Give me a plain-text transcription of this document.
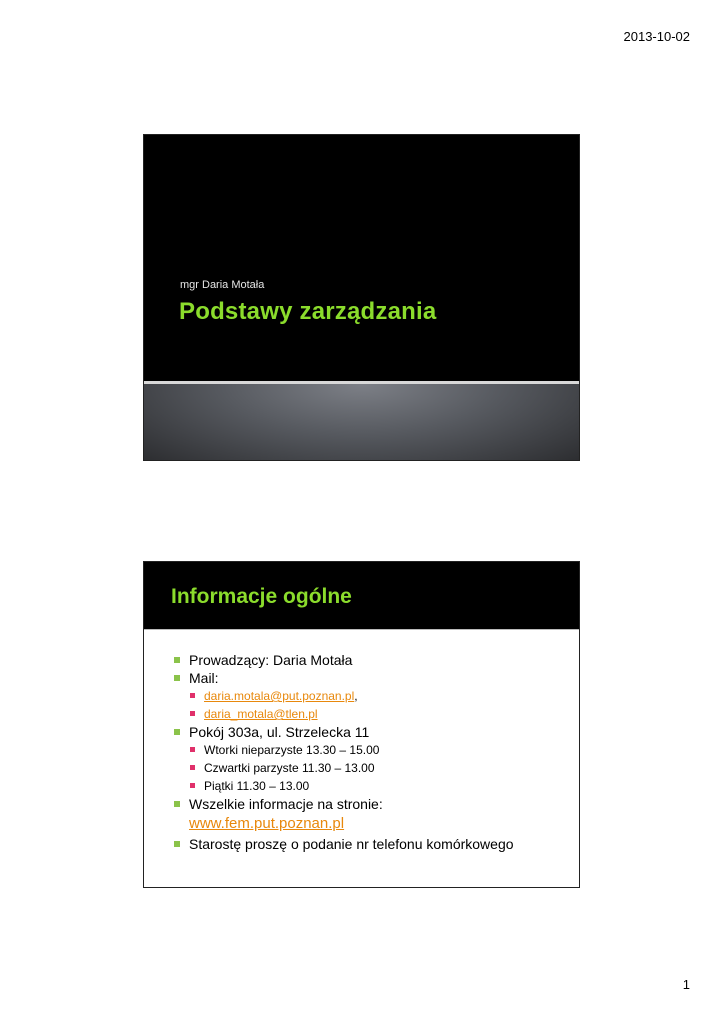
2013-10-02
mgr Daria Motała
Podstawy zarządzania
Informacje ogólne
Prowadzący: Daria Motała
Mail:
daria.motala@put.poznan.pl,
daria_motala@tlen.pl
Pokój 303a, ul. Strzelecka 11
Wtorki nieparzyste 13.30 – 15.00
Czwartki parzyste 11.30 – 13.00
Piątki 11.30 – 13.00
Wszelkie informacje na stronie:
www.fem.put.poznan.pl
Starostę proszę o podanie nr telefonu komórkowego
1
